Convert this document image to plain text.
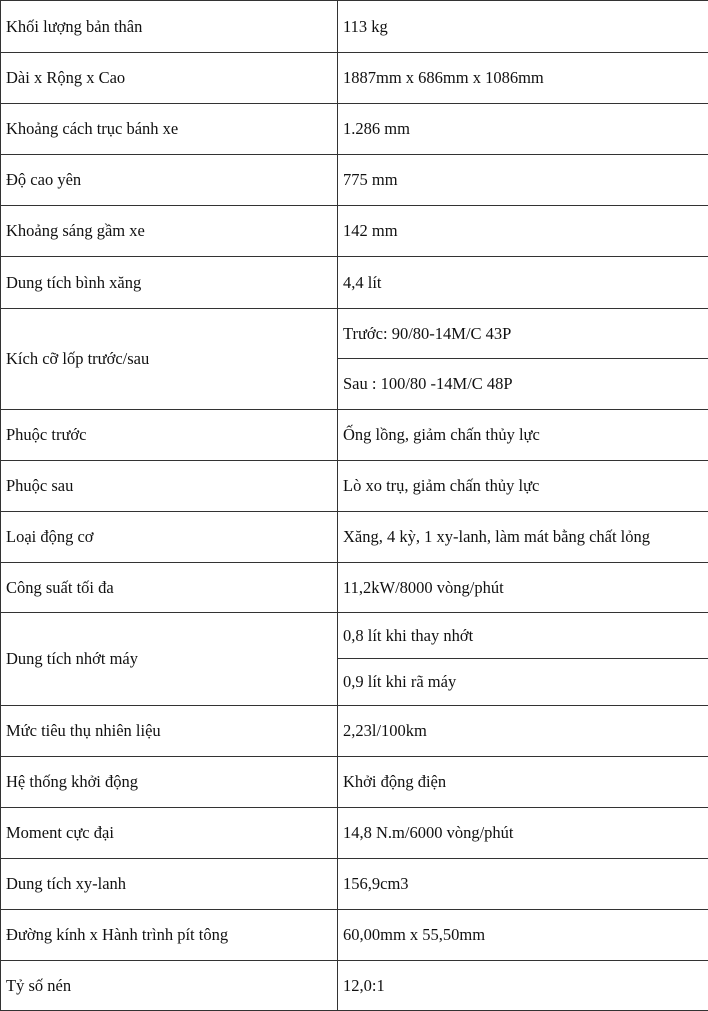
Khối lượng bản thân	113 kg
Dài x Rộng x Cao	1887mm x 686mm x 1086mm
Khoảng cách trục bánh xe	1.286 mm
Độ cao yên	775 mm
Khoảng sáng gầm xe	142 mm
Dung tích bình xăng	4,4 lít
Kích cỡ lốp trước/sau	Trước: 90/80-14M/C 43P
	Sau : 100/80 -14M/C 48P
Phuộc trước	Ống lồng, giảm chấn thủy lực
Phuộc sau	Lò xo trụ, giảm chấn thủy lực
Loại động cơ	Xăng, 4 kỳ, 1 xy-lanh, làm mát bằng chất lỏng
Công suất tối đa	11,2kW/8000 vòng/phút
Dung tích nhớt máy	0,8 lít khi thay nhớt
	0,9 lít khi rã máy
Mức tiêu thụ nhiên liệu	2,23l/100km
Hệ thống khởi động	Khởi động điện
Moment cực đại	14,8 N.m/6000 vòng/phút
Dung tích xy-lanh	156,9cm3
Đường kính x Hành trình pít tông	60,00mm x 55,50mm
Tỷ số nén	12,0:1
